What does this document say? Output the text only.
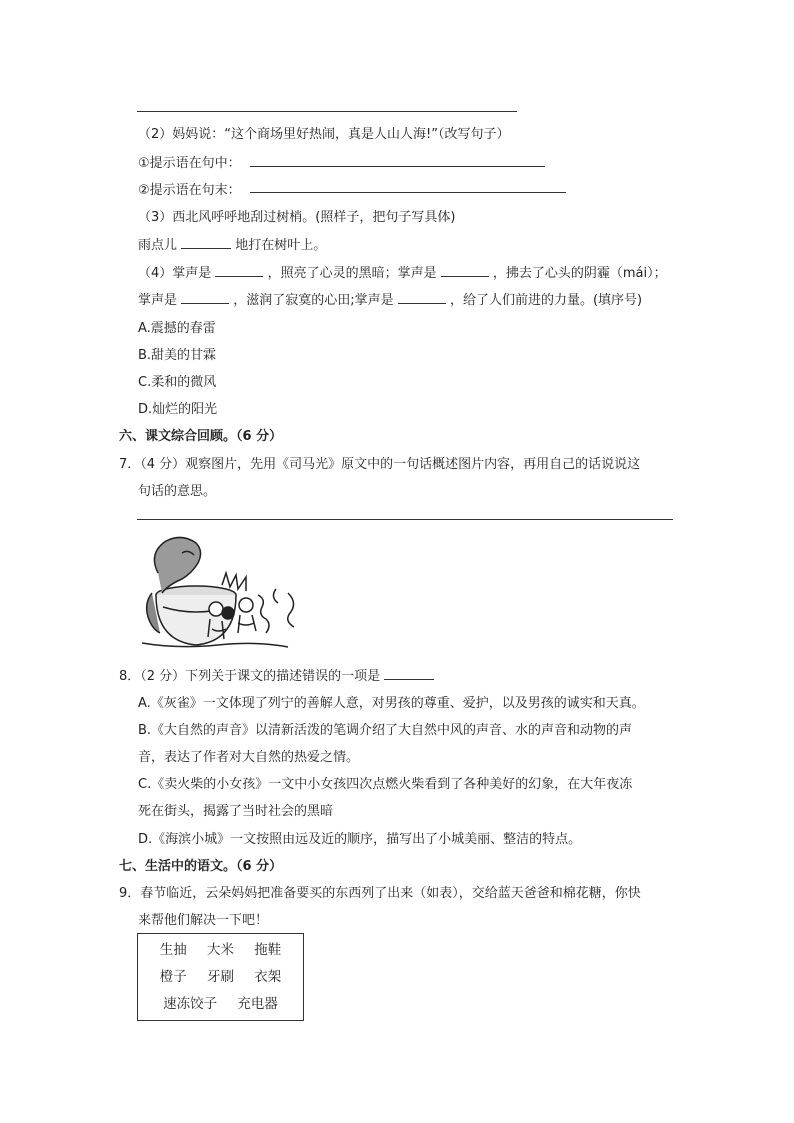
（2）妈妈说：“这个商场里好热闹，真是人山人海!”（改写句子）
①提示语在句中：
②提示语在句末：
（3）西北风呼呼地刮过树梢。(照样子，把句子写具体)
雨点儿	地打在树叶上。
（4）掌声是	，照亮了心灵的黑暗；掌声是	，拂去了心头的阴霾（mái）；
掌声是	，滋润了寂寞的心田;掌声是	，给了人们前进的力量。(填序号)
A.震撼的春雷
B.甜美的甘霖
C.柔和的微风
D.灿烂的阳光
六、课文综合回顾。（6 分）
7．（4 分）观察图片，先用《司马光》原文中的一句话概述图片内容，再用自己的话说说这
句话的意思。
8．（2 分）下列关于课文的描述错误的一项是
A.《灰雀》一文体现了列宁的善解人意，对男孩的尊重、爱护，以及男孩的诚实和天真。
B.《大自然的声音》以清新活泼的笔调介绍了大自然中风的声音、水的声音和动物的声
音，表达了作者对大自然的热爱之情。
C.《卖火柴的小女孩》一文中小女孩四次点燃火柴看到了各种美好的幻象，在大年夜冻
死在街头，揭露了当时社会的黑暗
D.《海滨小城》一文按照由远及近的顺序，描写出了小城美丽、整洁的特点。
七、生活中的语文。（6 分）
9．春节临近，云朵妈妈把准备要买的东西列了出来（如表），交给蓝天爸爸和棉花糖，你快
来帮他们解决一下吧！
生抽 大米 拖鞋
橙子 牙刷 衣架
速冻饺子 充电器
